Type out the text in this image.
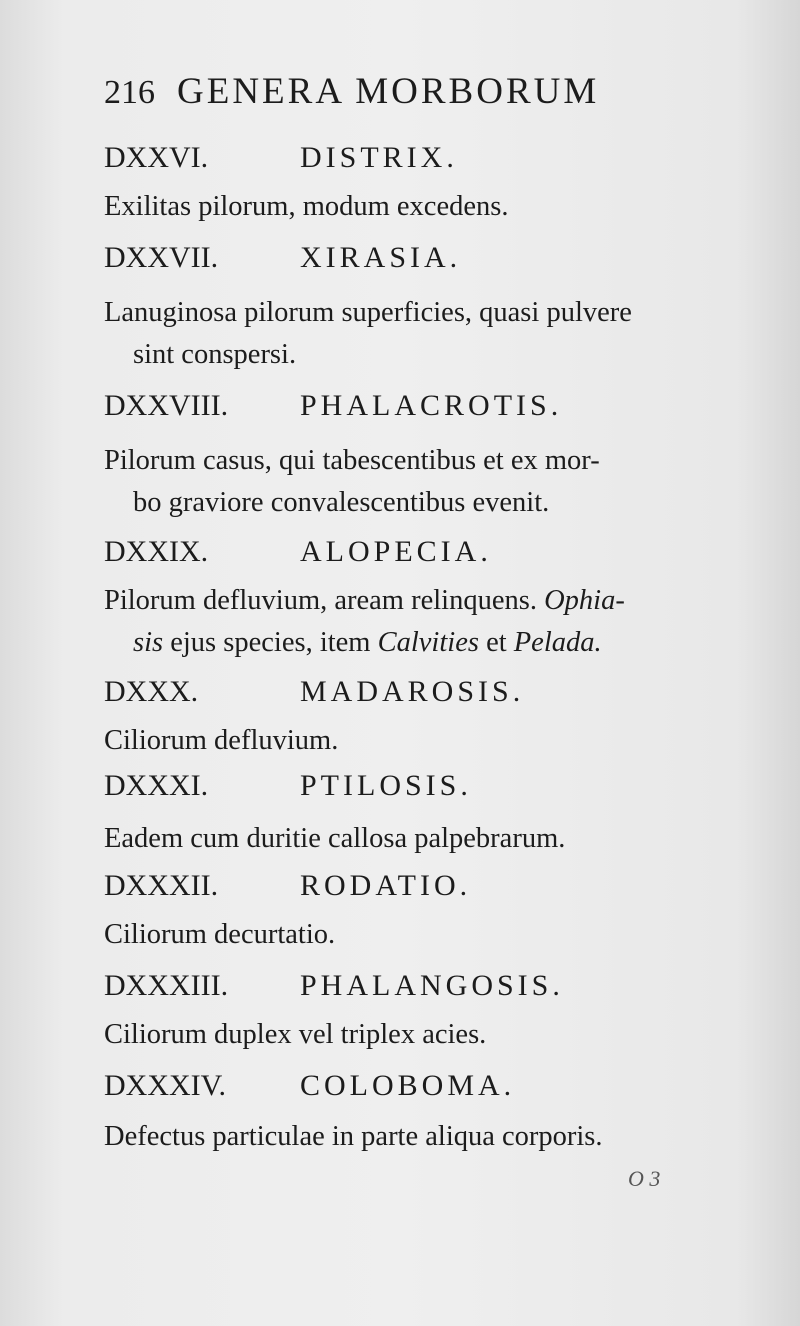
216 GENERA MORBORUM
DXXVI.	DISTRIX.
Exilitas pilorum, modum excedens.
DXXVII.	XIRASIA.
Lanuginosa pilorum superficies, quasi pulvere
sint conspersi.
DXXVIII. PHALACROTIS.
Pilorum casus, qui tabescentibus et ex mor-
bo graviore convalescentibus evenit.
DXXIX.	ALOPECIA.
Pilorum defluvium, aream relinquens. Ophia-
sis ejus species, item Calvities et Pelada.
DXXX.	MADAROSIS.
Ciliorum defluvium.
DXXXI.	PTILOSIS.
Eadem cum duritie callosa palpebrarum.
DXXXII.	RODATIO.
Ciliorum decurtatio.
DXXXIII. PHALANGOSIS.
Ciliorum duplex vel triplex acies.
DXXXIV. COLOBOMA.
Defectus particulae in parte aliqua corporis.
O 3
